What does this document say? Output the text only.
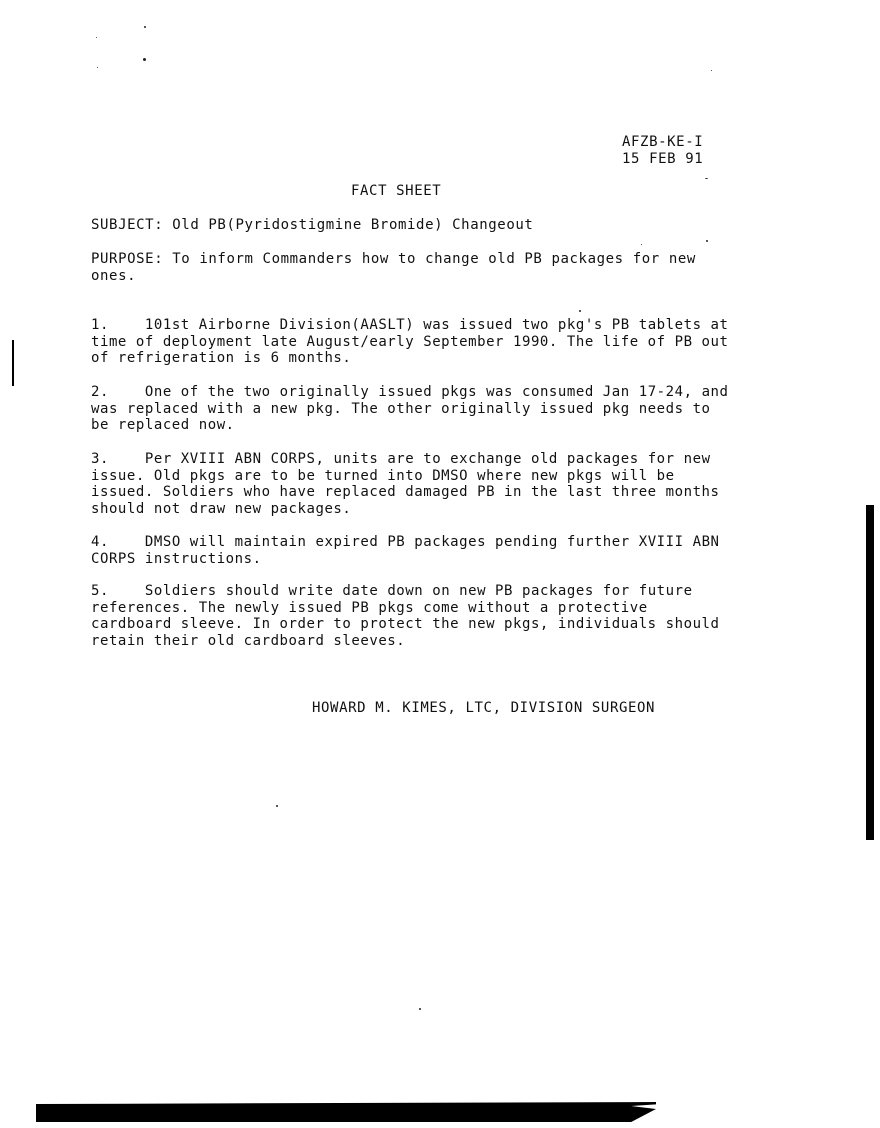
AFZB-KE-I
15 FEB 91
FACT SHEET
SUBJECT: Old PB(Pyridostigmine Bromide) Changeout
PURPOSE: To inform Commanders how to change old PB packages for new
ones.
1.	101st Airborne Division(AASLT) was issued two pkg's PB tablets at
time of deployment late August/early September 1990. The life of PB out
of refrigeration is 6 months.
2.	One of the two originally issued pkgs was consumed Jan 17-24, and
was replaced with a new pkg. The other originally issued pkg needs to
be replaced now.
3.	Per XVIII ABN CORPS, units are to exchange old packages for new
issue. Old pkgs are to be turned into DMSO where new pkgs will be
issued. Soldiers who have replaced damaged PB in the last three months
should not draw new packages.
4.	DMSO will maintain expired PB packages pending further XVIII ABN
CORPS instructions.
5.	Soldiers should write date down on new PB packages for future
references. The newly issued PB pkgs come without a protective
cardboard sleeve. In order to protect the new pkgs, individuals should
retain their old cardboard sleeves.
HOWARD M. KIMES, LTC, DIVISION SURGEON
